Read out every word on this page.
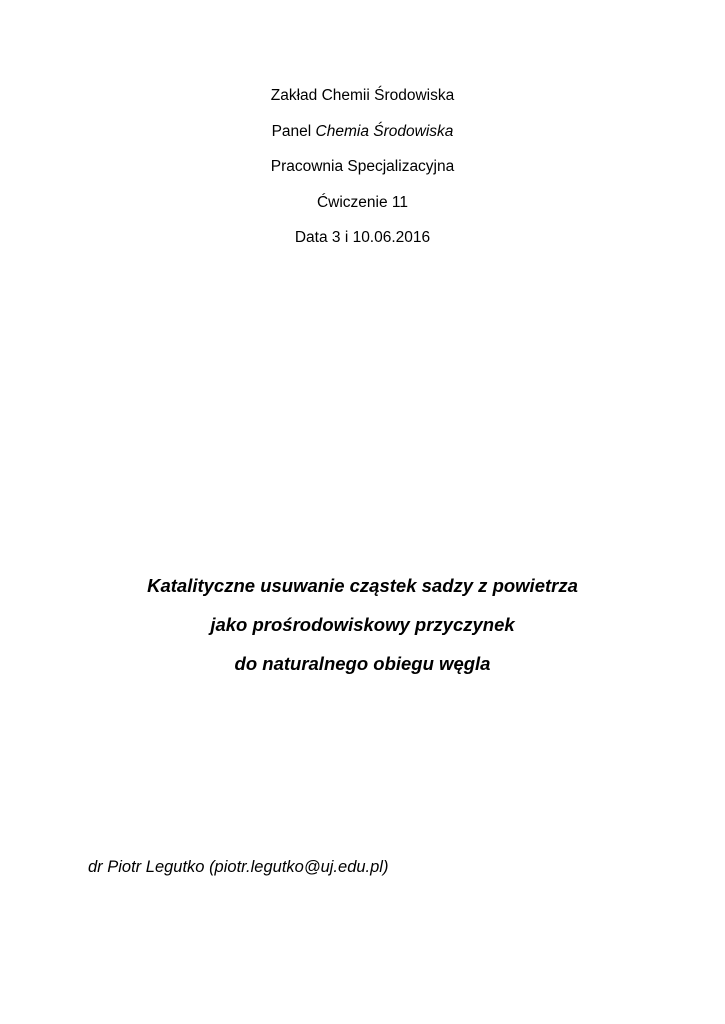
Zakład Chemii Środowiska
Panel Chemia Środowiska
Pracownia Specjalizacyjna
Ćwiczenie 11
Data 3 i 10.06.2016
Katalityczne usuwanie cząstek sadzy z powietrza
jako prośrodowiskowy przyczynek
do naturalnego obiegu węgla
dr Piotr Legutko (piotr.legutko@uj.edu.pl)
